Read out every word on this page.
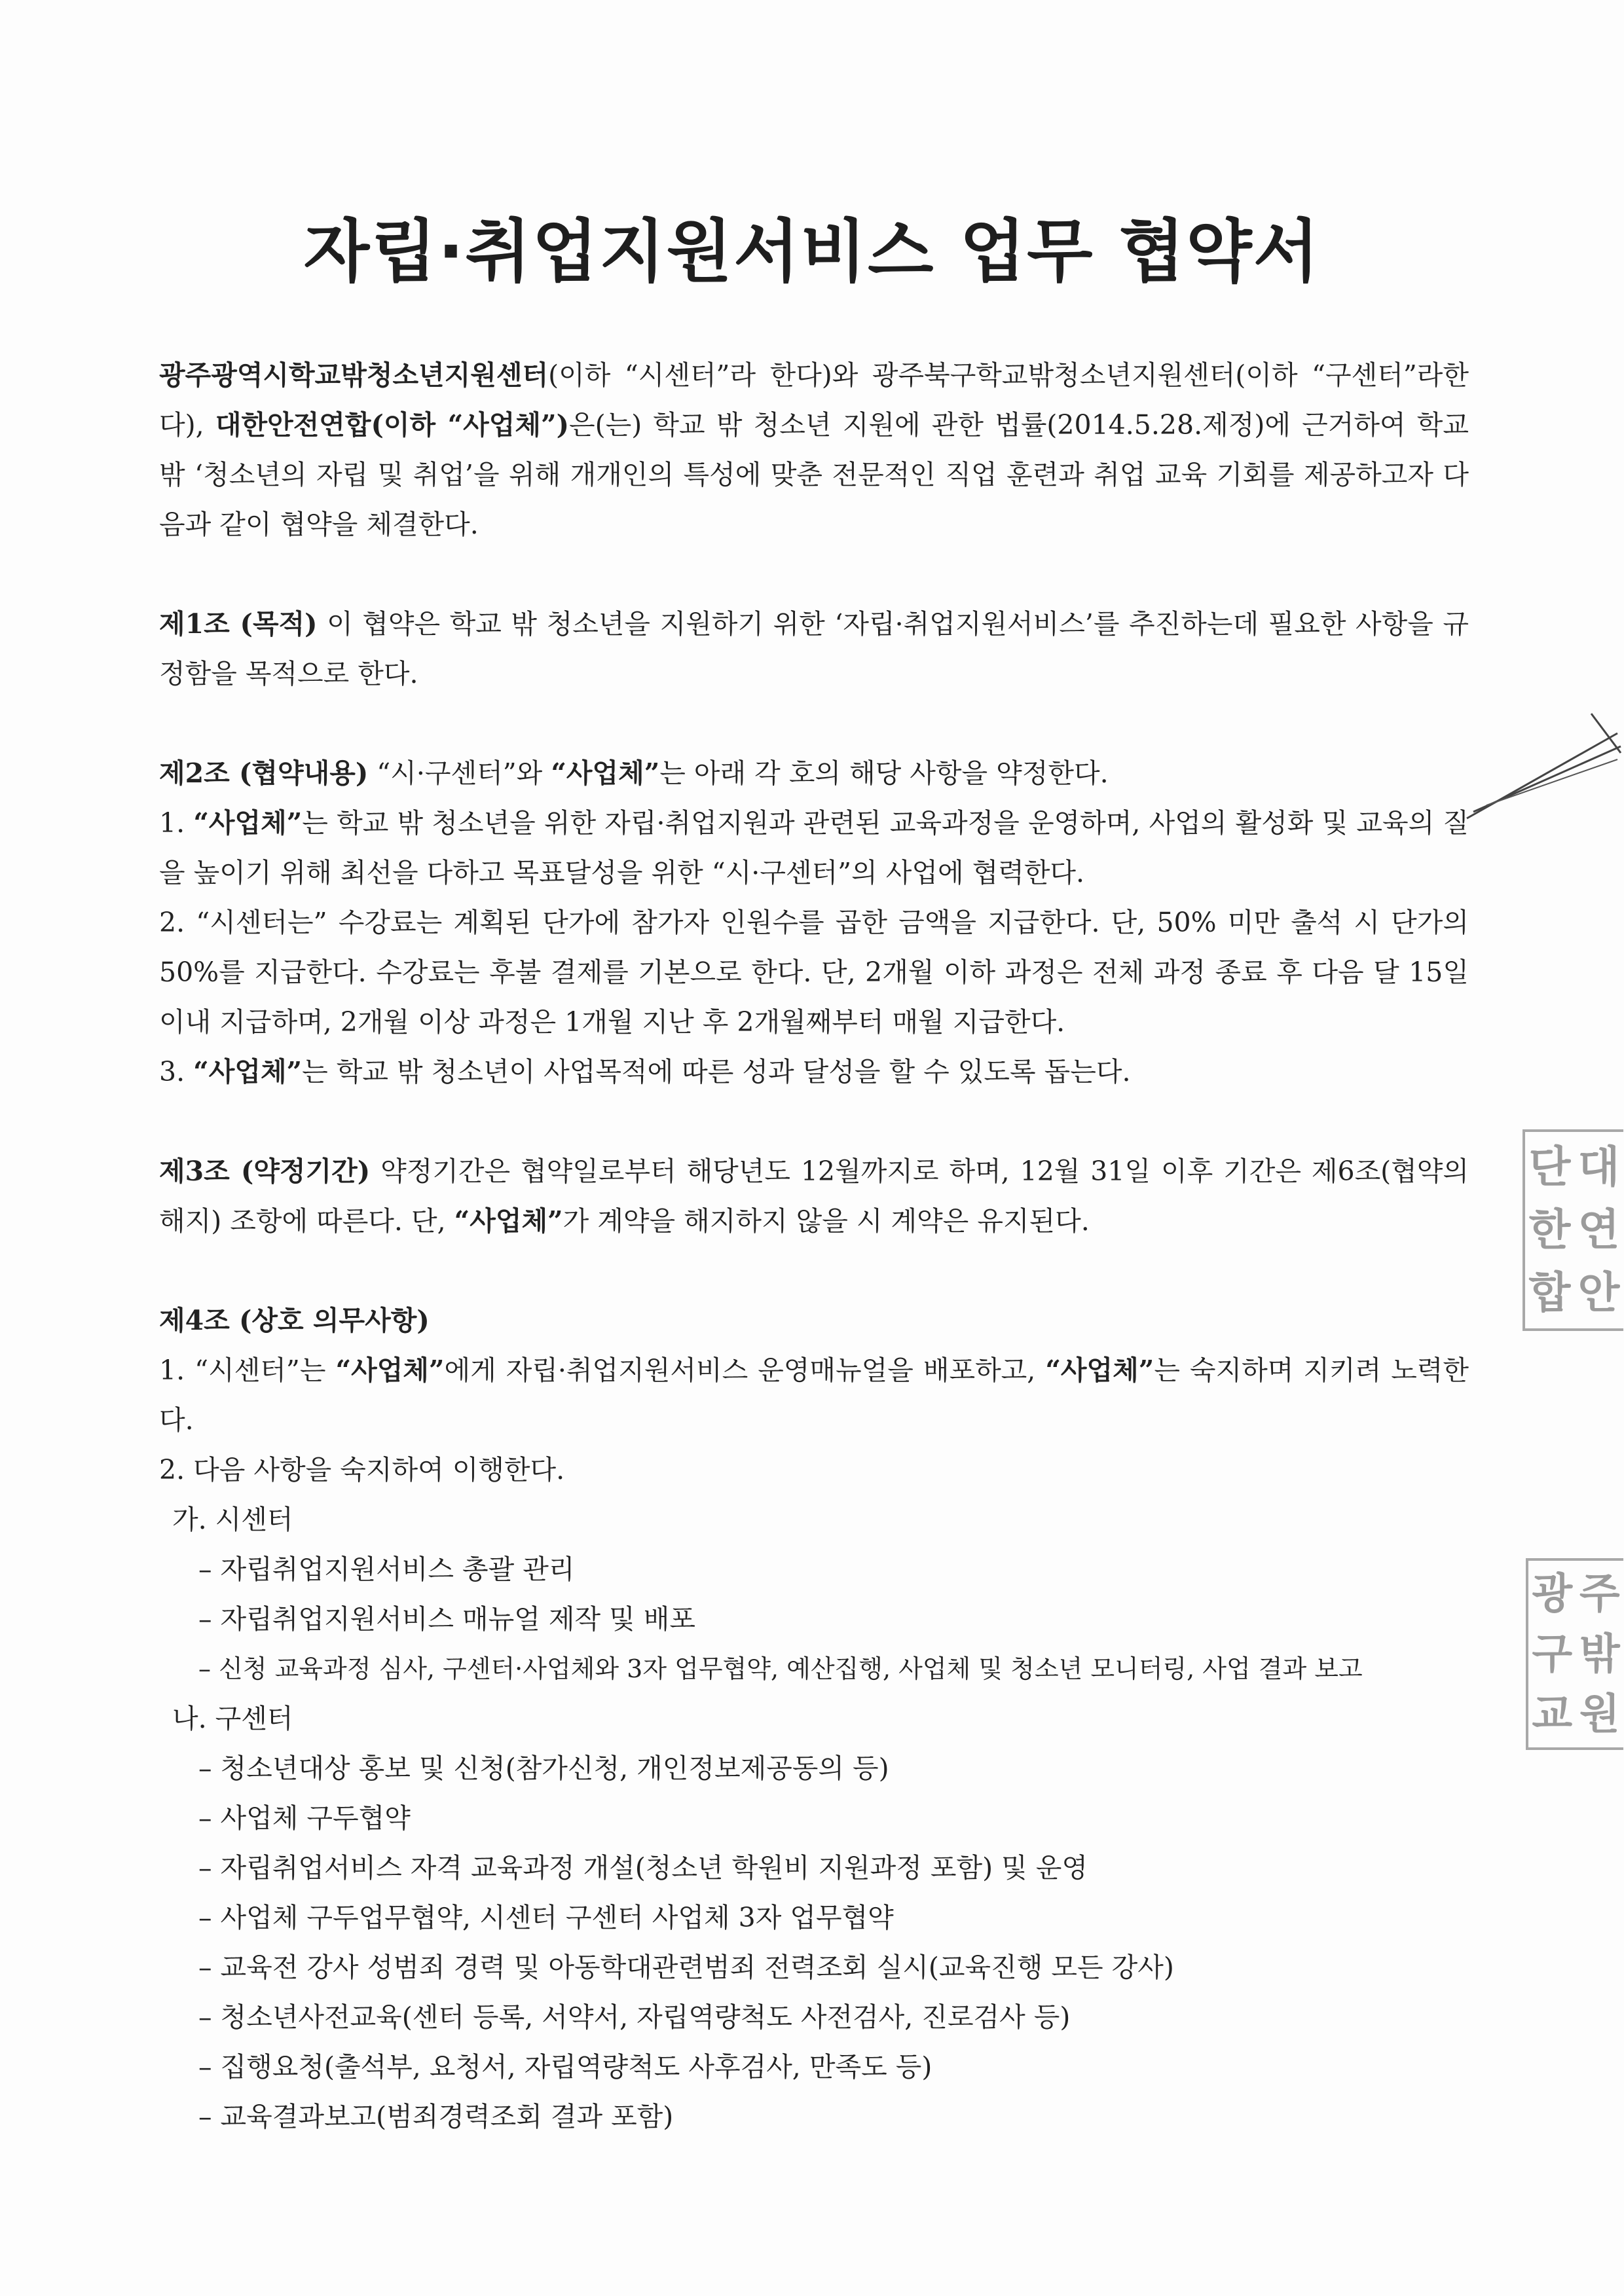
자립·취업지원서비스 업무 협약서

광주광역시학교밖청소년지원센터(이하 “시센터”라 한다)와 광주북구학교밖청소년지원센터(이하 “구센터”라한다), 대한안전연합(이하 “사업체”)은(는) 학교 밖 청소년 지원에 관한 법률(2014.5.28.제정)에 근거하여 학교 밖 ‘청소년의 자립 및 취업’을 위해 개개인의 특성에 맞춘 전문적인 직업 훈련과 취업 교육 기회를 제공하고자 다음과 같이 협약을 체결한다.

제1조 (목적) 이 협약은 학교 밖 청소년을 지원하기 위한 ‘자립·취업지원서비스’를 추진하는데 필요한 사항을 규정함을 목적으로 한다.

제2조 (협약내용) “시·구센터”와 “사업체”는 아래 각 호의 해당 사항을 약정한다.

1. “사업체”는 학교 밖 청소년을 위한 자립·취업지원과 관련된 교육과정을 운영하며, 사업의 활성화 및 교육의 질을 높이기 위해 최선을 다하고 목표달성을 위한 “시·구센터”의 사업에 협력한다.

2. “시센터는” 수강료는 계획된 단가에 참가자 인원수를 곱한 금액을 지급한다. 단, 50% 미만 출석 시 단가의 50%를 지급한다. 수강료는 후불 결제를 기본으로 한다. 단, 2개월 이하 과정은 전체 과정 종료 후 다음 달 15일 이내 지급하며, 2개월 이상 과정은 1개월 지난 후 2개월째부터 매월 지급한다.

3. “사업체”는 학교 밖 청소년이 사업목적에 따른 성과 달성을 할 수 있도록 돕는다.

제3조 (약정기간) 약정기간은 협약일로부터 해당년도 12월까지로 하며, 12월 31일 이후 기간은 제6조(협약의 해지) 조항에 따른다. 단, “사업체”가 계약을 해지하지 않을 시 계약은 유지된다.

제4조 (상호 의무사항)

1. “시센터”는 “사업체”에게 자립·취업지원서비스 운영매뉴얼을 배포하고, “사업체”는 숙지하며 지키려 노력한다.

2. 다음 사항을 숙지하여 이행한다.

가. 시센터
– 자립취업지원서비스 총괄 관리
– 자립취업지원서비스 매뉴얼 제작 및 배포
– 신청 교육과정 심사, 구센터·사업체와 3자 업무협약, 예산집행, 사업체 및 청소년 모니터링, 사업 결과 보고
나. 구센터
– 청소년대상 홍보 및 신청(참가신청, 개인정보제공동의 등)
– 사업체 구두협약
– 자립취업서비스 자격 교육과정 개설(청소년 학원비 지원과정 포함) 및 운영
– 사업체 구두업무협약, 시센터 구센터 사업체 3자 업무협약
– 교육전 강사 성범죄 경력 및 아동학대관련범죄 전력조회 실시(교육진행 모든 강사)
– 청소년사전교육(센터 등록, 서약서, 자립역량척도 사전검사, 진로검사 등)
– 집행요청(출석부, 요청서, 자립역량척도 사후검사, 만족도 등)
– 교육결과보고(범죄경력조회 결과 포함)
단 대
한 연
합 안
광 주
구 밖
교 원
